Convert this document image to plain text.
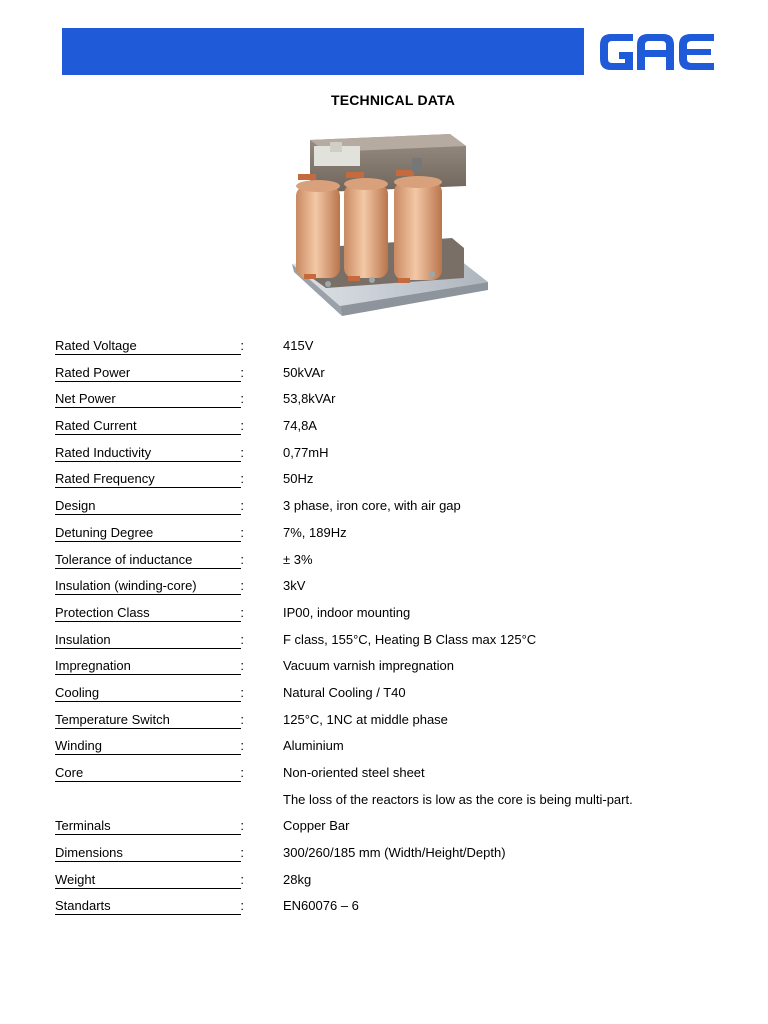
TECHNICAL DATA
Rated Voltage	:	415V
Rated Power	:	50kVAr
Net Power	:	53,8kVAr
Rated Current	:	74,8A
Rated Inductivity	:	0,77mH
Rated Frequency	:	50Hz
Design	:	3 phase, iron core, with air gap
Detuning Degree	:	7%, 189Hz
Tolerance of inductance	:	± 3%
Insulation (winding-core)	:	3kV
Protection Class	:	IP00, indoor mounting
Insulation	:	F class, 155°C, Heating B Class max 125°C
Impregnation	:	Vacuum varnish impregnation
Cooling	:	Natural Cooling / T40
Temperature Switch	:	125°C, 1NC at middle phase
Winding	:	Aluminium
Core	:	Non-oriented steel sheet
The loss of the reactors is low as the core is being multi-part.
Terminals	:	Copper Bar
Dimensions	:	300/260/185 mm (Width/Height/Depth)
Weight	:	28kg
Standarts	:	EN60076 – 6
